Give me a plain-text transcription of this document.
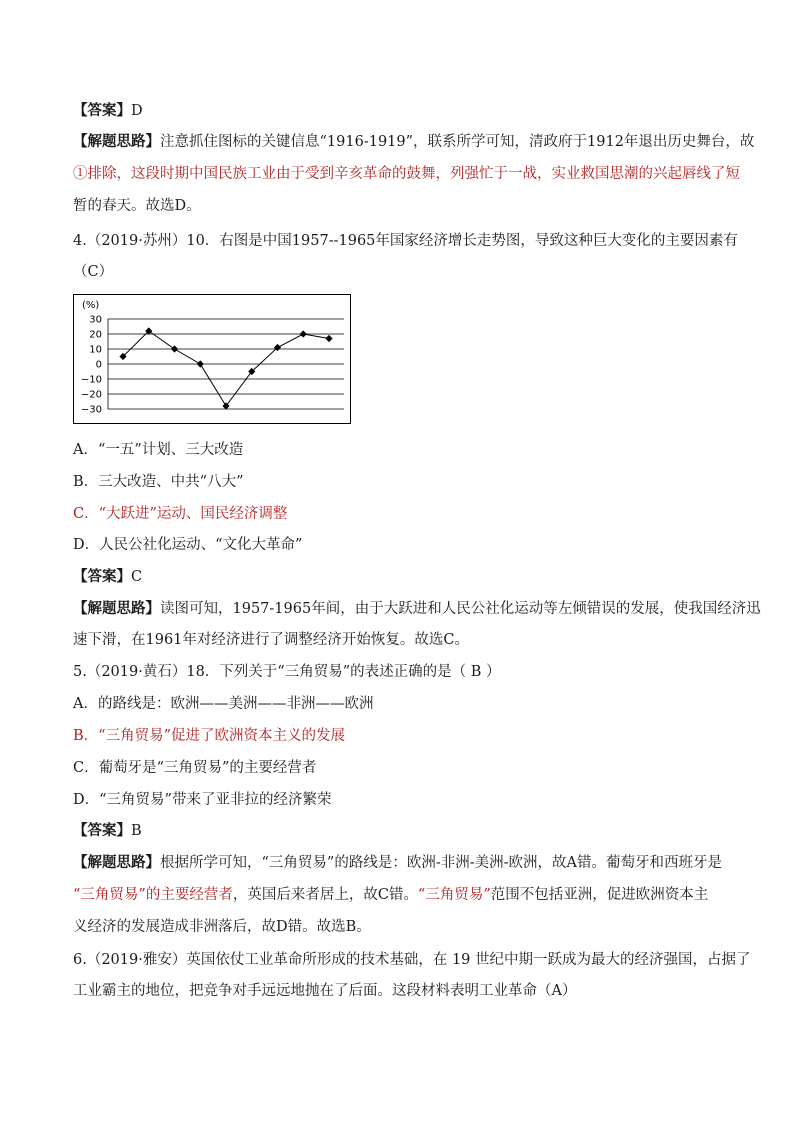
【答案】D
【解题思路】注意抓住图标的关键信息“1916-1919”，联系所学可知，清政府于1912年退出历史舞台，故
①排除，这段时期中国民族工业由于受到辛亥革命的鼓舞，列强忙于一战，实业救国思潮的兴起唇线了短
暂的春天。故选D。
4.（2019·苏州）10．右图是中国1957--1965年国家经济增长走势图，导致这种巨大变化的主要因素有
（C）
30
20
10
0
−10
−20
−30
(%)
A．“一五”计划、三大改造
B．三大改造、中共“八大”
C．“大跃进”运动、国民经济调整
D．人民公社化运动、“文化大革命”
【答案】C
【解题思路】读图可知，1957-1965年间，由于大跃进和人民公社化运动等左倾错误的发展，使我国经济迅
速下滑，在1961年对经济进行了调整经济开始恢复。故选C。
5.（2019·黄石）18．下列关于“三角贸易”的表述正确的是（ B ）
A．的路线是：欧洲——美洲——非洲——欧洲
B．“三角贸易”促进了欧洲资本主义的发展
C．葡萄牙是“三角贸易”的主要经营者
D．“三角贸易”带来了亚非拉的经济繁荣
【答案】B
【解题思路】根据所学可知，“三角贸易”的路线是：欧洲-非洲-美洲-欧洲，故A错。葡萄牙和西班牙是
“三角贸易”的主要经营者，英国后来者居上，故C错。“三角贸易”范围不包括亚洲，促进欧洲资本主
义经济的发展造成非洲落后，故D错。故选B。
6.（2019·雅安）英国依仗工业革命所形成的技术基础，在 19 世纪中期一跃成为最大的经济强国，占据了
工业霸主的地位，把竞争对手远远地抛在了后面。这段材料表明工业革命（A）
